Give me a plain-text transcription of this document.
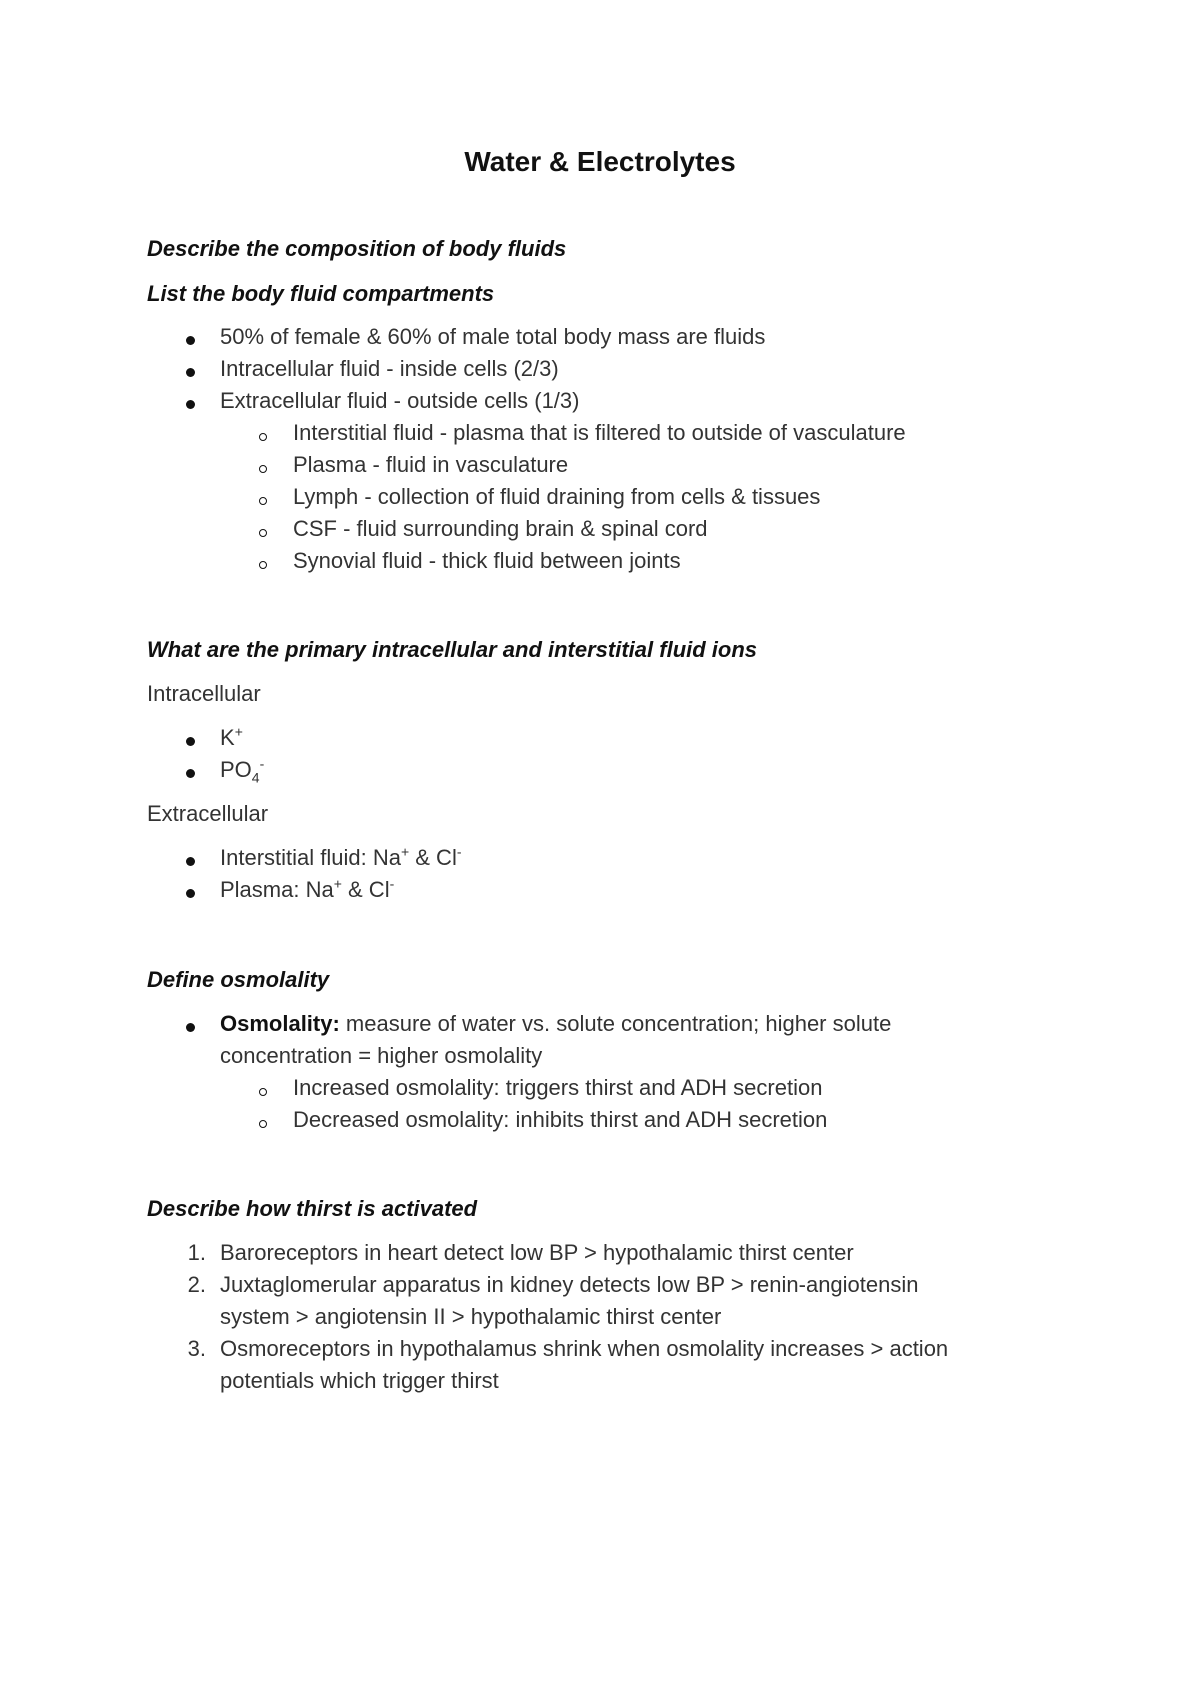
Water & Electrolytes
Describe the composition of body fluids
List the body fluid compartments
50% of female & 60% of male total body mass are fluids
Intracellular fluid - inside cells (2/3)
Extracellular fluid - outside cells (1/3)
Interstitial fluid - plasma that is filtered to outside of vasculature
Plasma - fluid in vasculature
Lymph - collection of fluid draining from cells & tissues
CSF - fluid surrounding brain & spinal cord
Synovial fluid - thick fluid between joints
What are the primary intracellular and interstitial fluid ions
Intracellular
K+
$PO_4^-$
Extracellular
Interstitial fluid: Na+ & Cl-
Plasma: Na+ & Cl-
Define osmolality
Osmolality: measure of water vs. solute concentration; higher solute
concentration = higher osmolality
Increased osmolality: triggers thirst and ADH secretion
Decreased osmolality: inhibits thirst and ADH secretion
Describe how thirst is activated
1. Baroreceptors in heart detect low BP > hypothalamic thirst center
2. Juxtaglomerular apparatus in kidney detects low BP > renin-angiotensin
system > angiotensin II > hypothalamic thirst center
3. Osmoreceptors in hypothalamus shrink when osmolality increases > action
potentials which trigger thirst
